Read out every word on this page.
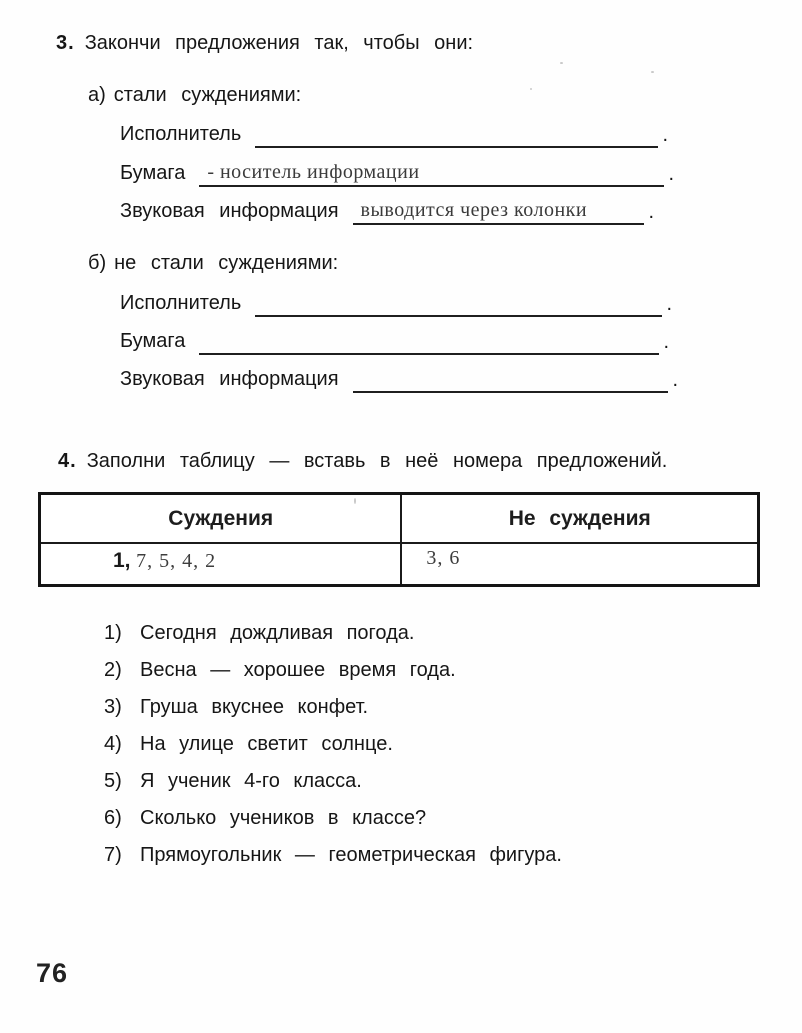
3. Закончи предложения так, чтобы они:
а) стали суждениями:
Исполнитель	.
Бумага - носитель информации	.
Звуковая информация выводится через колонки	.
б) не стали суждениями:
Исполнитель	.
Бумага	.
Звуковая информация	.
4. Заполни таблицу — вставь в неё номера предложений.
Суждения	Не суждения
1, 7, 5, 4, 2	3, 6
1) Сегодня дождливая погода.
2) Весна — хорошее время года.
3) Груша вкуснее конфет.
4) На улице светит солнце.
5) Я ученик 4-го класса.
6) Сколько учеников в классе?
7) Прямоугольник — геометрическая фигура.
76
